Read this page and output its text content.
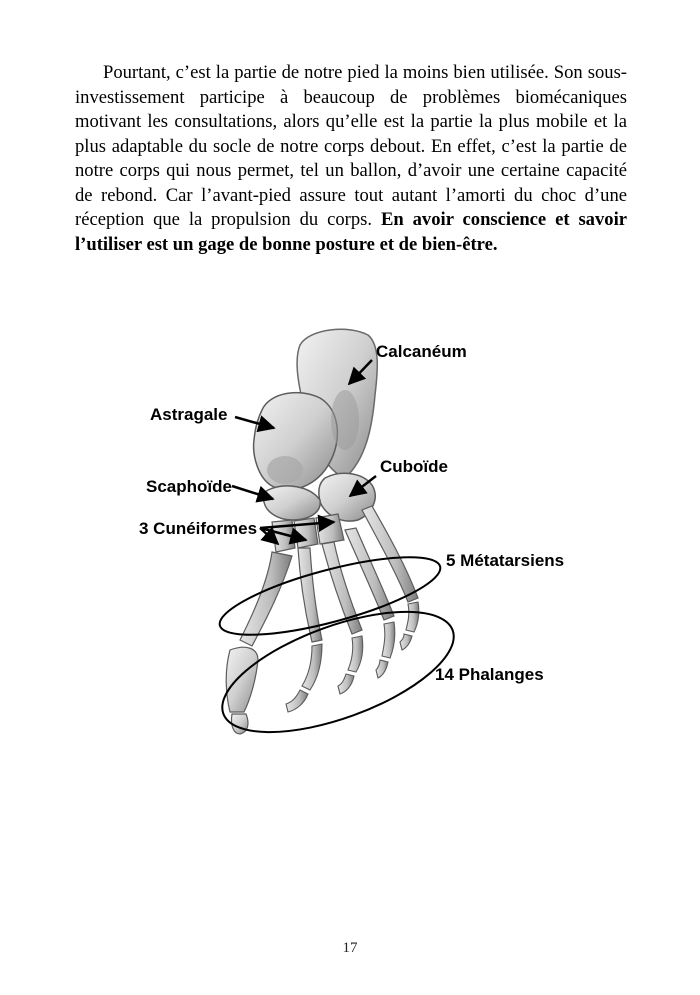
Pourtant, c’est la partie de notre pied la moins bien utilisée. Son sous-investissement participe à beaucoup de problèmes biomécaniques motivant les consultations, alors qu’elle est la partie la plus mobile et la plus adaptable du socle de notre corps debout. En effet, c’est la partie de notre corps qui nous permet, tel un ballon, d’avoir une certaine capacité de rebond. Car l’avant-pied assure tout autant l’amorti du choc d’une réception que la propulsion du corps. En avoir conscience et savoir l’utiliser est un gage de bonne posture et de bien-être.

Calcanéum
Astragale
Cuboïde
Scaphoïde
3 Cunéiformes
5 Métatarsiens
14 Phalanges
17
